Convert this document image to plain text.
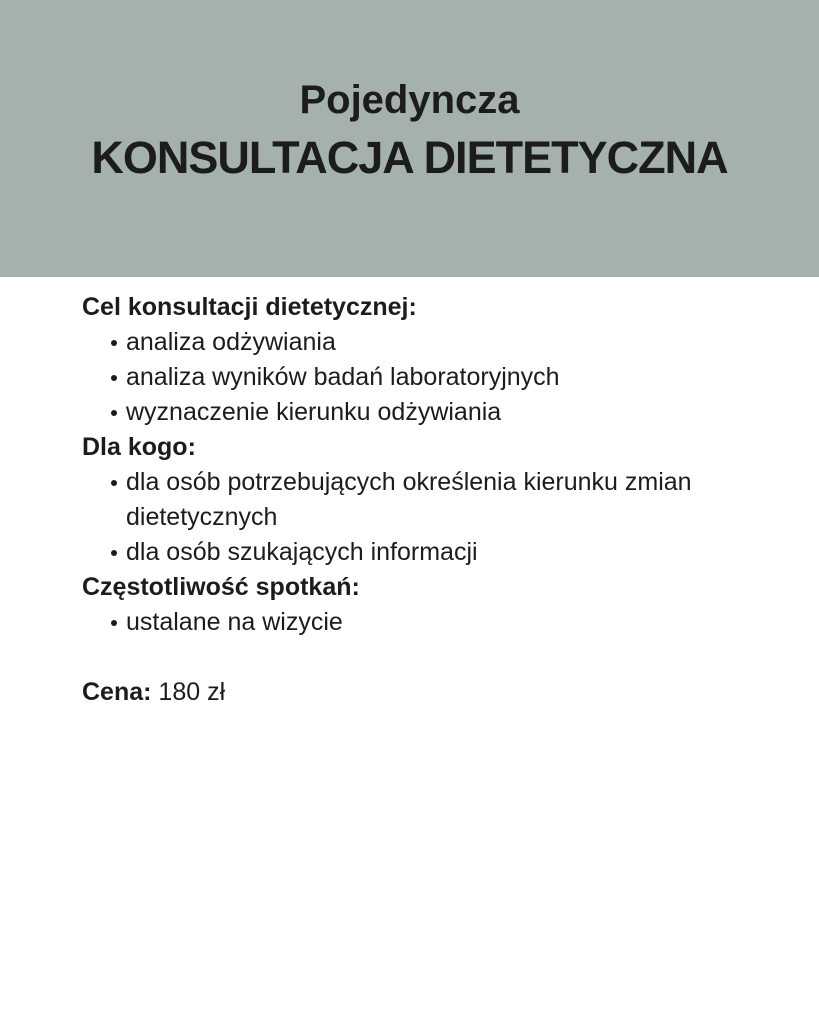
Pojedyncza
KONSULTACJA DIETETYCZNA
Cel konsultacji dietetycznej:
analiza odżywiania
analiza wyników badań laboratoryjnych
wyznaczenie kierunku odżywiania
Dla kogo:
dla osób potrzebujących określenia kierunku zmian dietetycznych
dla osób szukających informacji
Częstotliwość spotkań:
ustalane na wizycie

Cena: 180 zł
